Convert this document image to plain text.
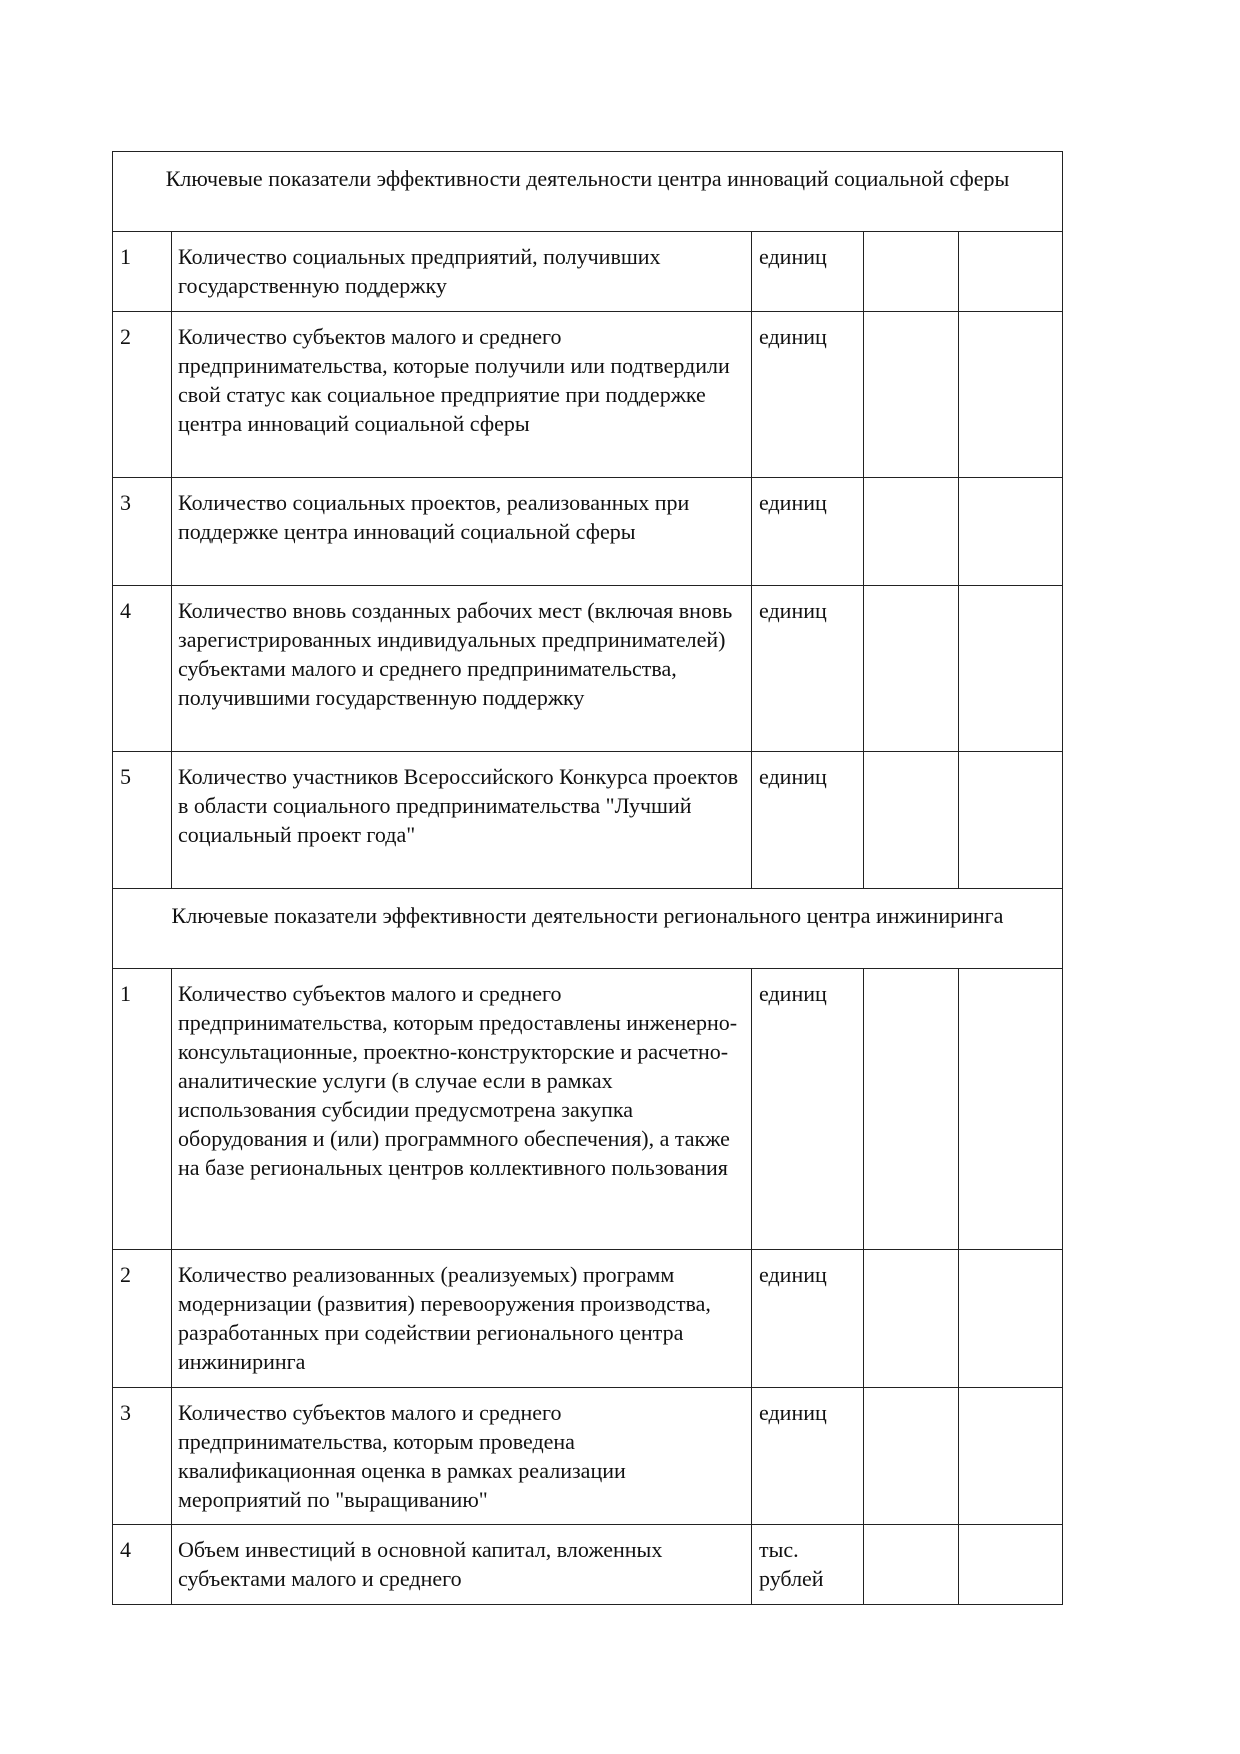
Ключевые показатели эффективности деятельности центра инноваций социальной сферы				
1	Количество социальных предприятий, получивших государственную поддержку	единиц		
2	Количество субъектов малого и среднего предпринимательства, которые получили или подтвердили свой статус как социальное предприятие при поддержке центра инноваций социальной сферы	единиц		
3	Количество социальных проектов, реализованных при поддержке центра инноваций социальной сферы	единиц		
4	Количество вновь созданных рабочих мест (включая вновь зарегистрированных индивидуальных предпринимателей) субъектами малого и среднего предпринимательства, получившими государственную поддержку	единиц		
5	Количество участников Всероссийского Конкурса проектов в области социального предпринимательства "Лучший социальный проект года"	единиц		
Ключевые показатели эффективности деятельности регионального центра инжиниринга				
1	Количество субъектов малого и среднего предпринимательства, которым предоставлены инженерно-консультационные, проектно-конструкторские и расчетно-аналитические услуги (в случае если в рамках использования субсидии предусмотрена закупка оборудования и (или) программного обеспечения), а также на базе региональных центров коллективного пользования	единиц		
2	Количество реализованных (реализуемых) программ модернизации (развития) перевооружения производства, разработанных при содействии регионального центра инжиниринга	единиц		
3	Количество субъектов малого и среднего предпринимательства, которым проведена квалификационная оценка в рамках реализации мероприятий по "выращиванию"	единиц		
4	Объем инвестиций в основной капитал, вложенных субъектами малого и среднего	тыс. рублей		
